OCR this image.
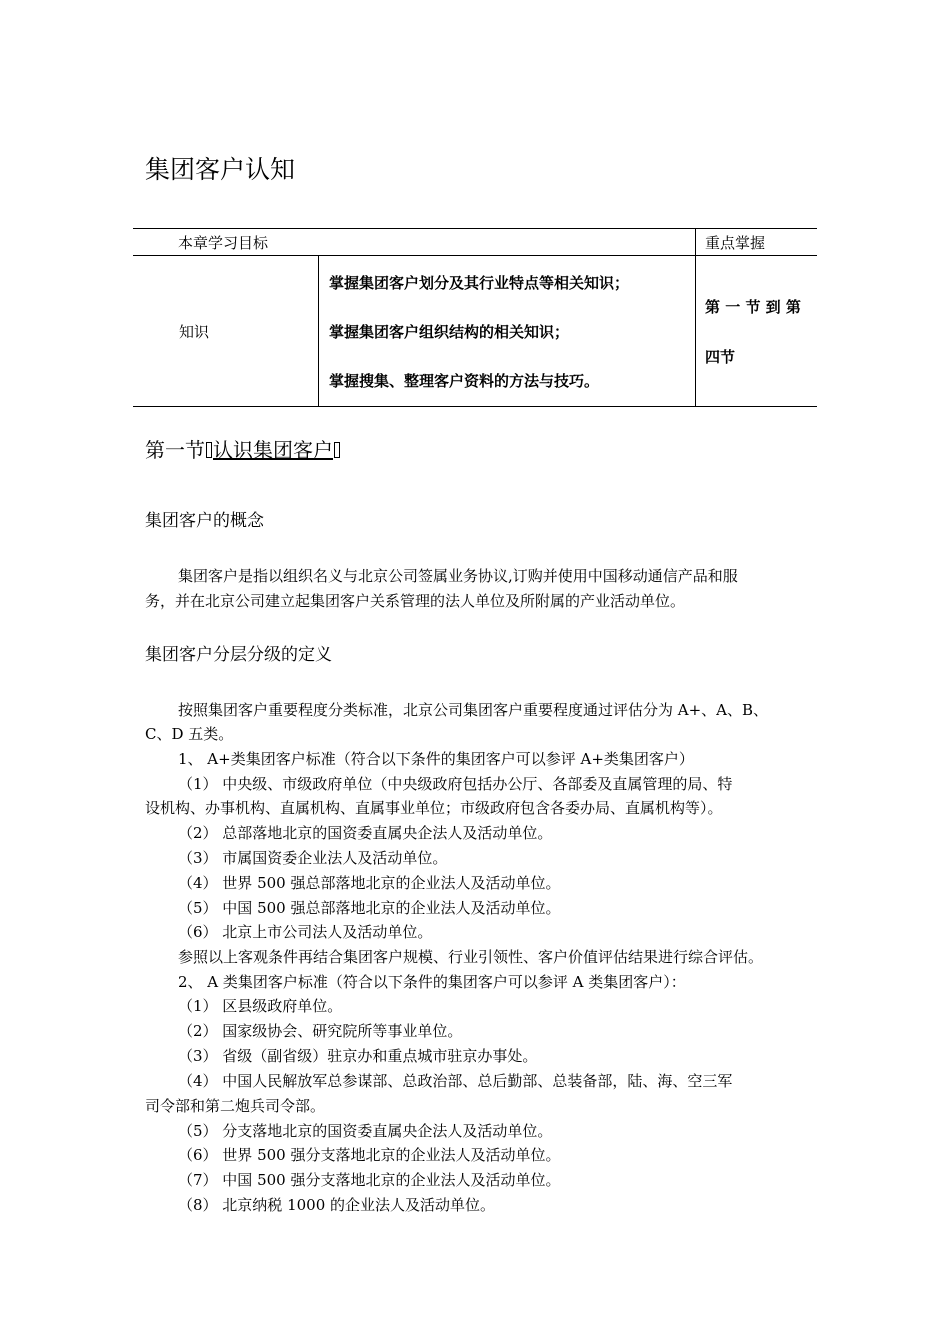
集团客户认知
本章学习目标	重点掌握
知识
掌握集团客户划分及其行业特点等相关知识；
掌握集团客户组织结构的相关知识；
掌握搜集、整理客户资料的方法与技巧。
第 一 节 到 第
四节
第一节 认识集团客户
集团客户的概念
集团客户是指以组织名义与北京公司签属业务协议,订购并使用中国移动通信产品和服
务，并在北京公司建立起集团客户关系管理的法人单位及所附属的产业活动单位。
集团客户分层分级的定义
按照集团客户重要程度分类标准，北京公司集团客户重要程度通过评估分为 A+、A、B、
C、D 五类。
1、 A+类集团客户标准（符合以下条件的集团客户可以参评 A+类集团客户）
（1） 中央级、市级政府单位（中央级政府包括办公厅、各部委及直属管理的局、特
设机构、办事机构、直属机构、直属事业单位；市级政府包含各委办局、直属机构等）。
（2） 总部落地北京的国资委直属央企法人及活动单位。
（3） 市属国资委企业法人及活动单位。
（4） 世界 500 强总部落地北京的企业法人及活动单位。
（5） 中国 500 强总部落地北京的企业法人及活动单位。
（6） 北京上市公司法人及活动单位。
参照以上客观条件再结合集团客户规模、行业引领性、客户价值评估结果进行综合评估。
2、 A 类集团客户标准（符合以下条件的集团客户可以参评 A 类集团客户）：
（1） 区县级政府单位。
（2） 国家级协会、研究院所等事业单位。
（3） 省级（副省级）驻京办和重点城市驻京办事处。
（4） 中国人民解放军总参谋部、总政治部、总后勤部、总装备部，陆、海、空三军
司令部和第二炮兵司令部。
（5） 分支落地北京的国资委直属央企法人及活动单位。
（6） 世界 500 强分支落地北京的企业法人及活动单位。
（7） 中国 500 强分支落地北京的企业法人及活动单位。
（8） 北京纳税 1000 的企业法人及活动单位。
